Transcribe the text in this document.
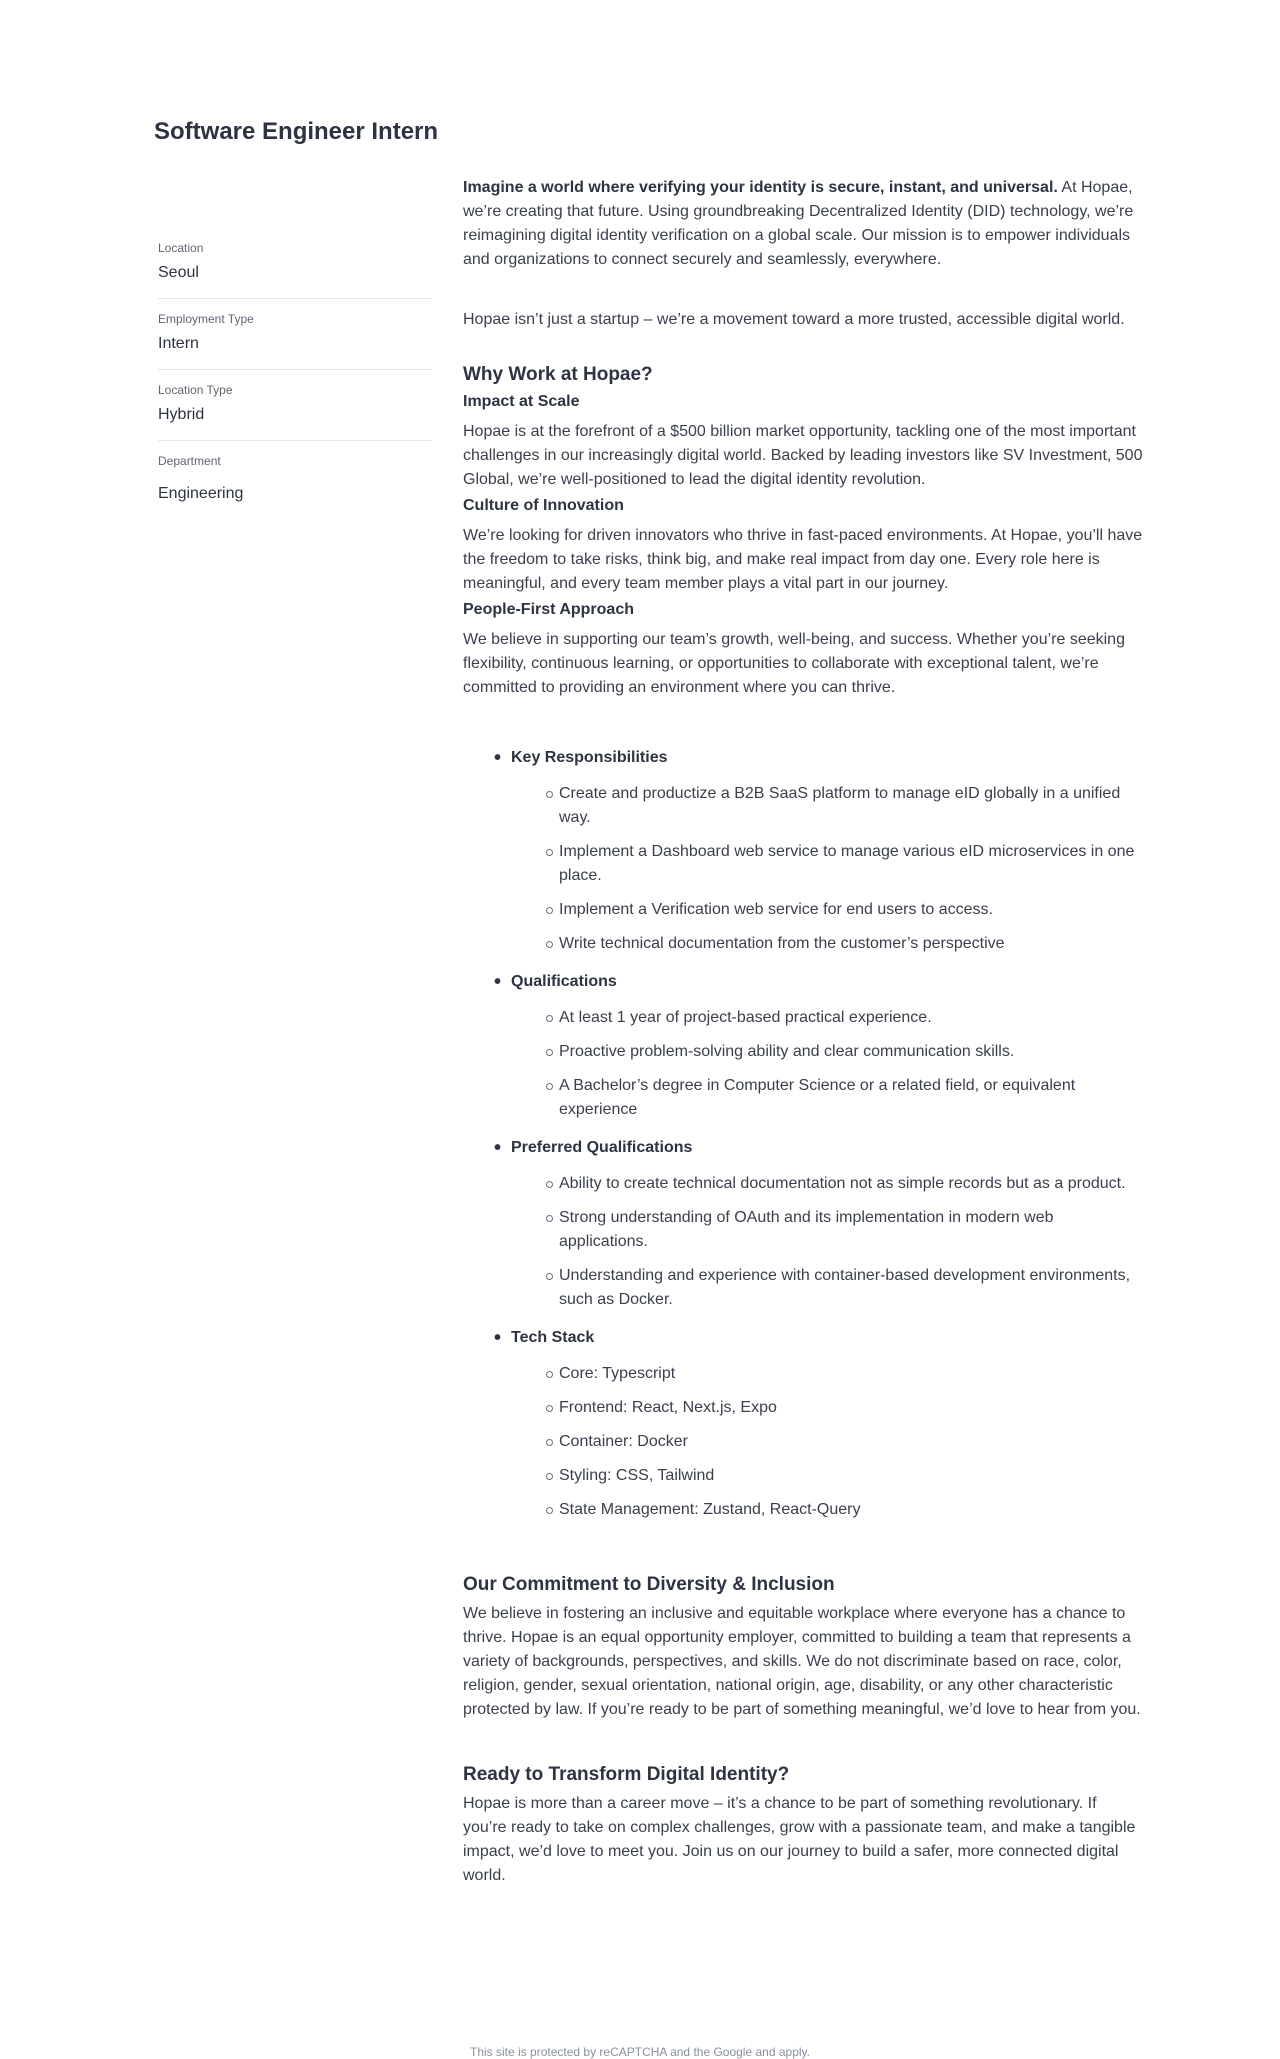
Software Engineer Intern
Location
Seoul
Employment Type
Intern
Location Type
Hybrid
Department
Engineering

Imagine a world where verifying your identity is secure, instant, and universal. At Hopae, we’re creating that future. Using groundbreaking Decentralized Identity (DID) technology, we’re reimagining digital identity verification on a global scale. Our mission is to empower individuals and organizations to connect securely and seamlessly, everywhere.

Hopae isn’t just a startup – we’re a movement toward a more trusted, accessible digital world.

Why Work at Hopae?
Impact at Scale

Hopae is at the forefront of a $500 billion market opportunity, tackling one of the most important challenges in our increasingly digital world. Backed by leading investors like SV Investment, 500 Global, we’re well-positioned to lead the digital identity revolution.

Culture of Innovation

We’re looking for driven innovators who thrive in fast-paced environments. At Hopae, you’ll have the freedom to take risks, think big, and make real impact from day one. Every role here is meaningful, and every team member plays a vital part in our journey.

People-First Approach

We believe in supporting our team’s growth, well-being, and success. Whether you’re seeking flexibility, continuous learning, or opportunities to collaborate with exceptional talent, we’re committed to providing an environment where you can thrive.

• Key Responsibilities
Create and productize a B2B SaaS platform to manage eID globally in a unified way.
Implement a Dashboard web service to manage various eID microservices in one place.
Implement a Verification web service for end users to access.
Write technical documentation from the customer’s perspective
• Qualifications
At least 1 year of project-based practical experience.
Proactive problem-solving ability and clear communication skills.
A Bachelor’s degree in Computer Science or a related field, or equivalent experience
• Preferred Qualifications
Ability to create technical documentation not as simple records but as a product.
Strong understanding of OAuth and its implementation in modern web applications.
Understanding and experience with container-based development environments, such as Docker.
• Tech Stack
Core: Typescript
Frontend: React, Next.js, Expo
Container: Docker
Styling: CSS, Tailwind
State Management: Zustand, React-Query
Our Commitment to Diversity & Inclusion

We believe in fostering an inclusive and equitable workplace where everyone has a chance to thrive. Hopae is an equal opportunity employer, committed to building a team that represents a variety of backgrounds, perspectives, and skills. We do not discriminate based on race, color, religion, gender, sexual orientation, national origin, age, disability, or any other characteristic protected by law. If you’re ready to be part of something meaningful, we’d love to hear from you.

Ready to Transform Digital Identity?

Hopae is more than a career move – it’s a chance to be part of something revolutionary. If you’re ready to take on complex challenges, grow with a passionate team, and make a tangible impact, we’d love to meet you. Join us on our journey to build a safer, more connected digital world.

This site is protected by reCAPTCHA and the Google and apply.
